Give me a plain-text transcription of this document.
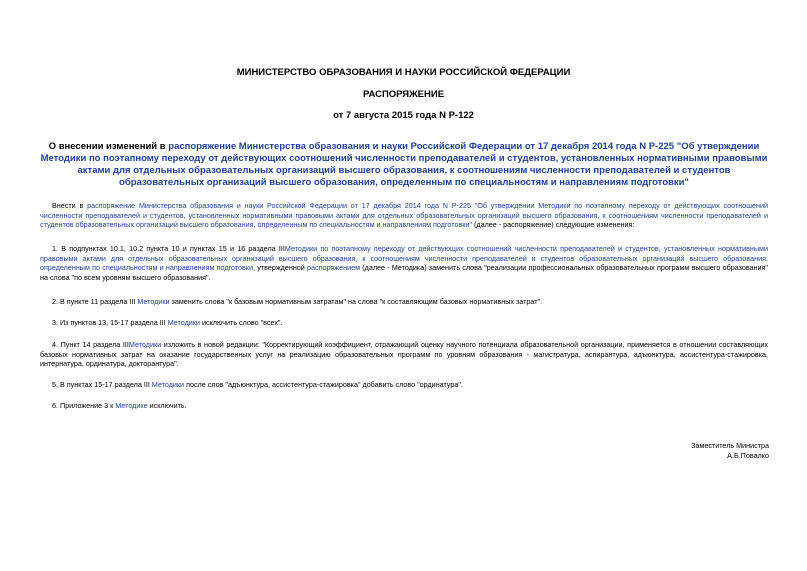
МИНИСТЕРСТВО ОБРАЗОВАНИЯ И НАУКИ РОССИЙСКОЙ ФЕДЕРАЦИИ
РАСПОРЯЖЕНИЕ
от 7 августа 2015 года N Р-122
О внесении изменений в распоряжение Министерства образования и науки Российской Федерации от 17 декабря 2014 года N Р-225 "Об утверждении Методики по поэтапному переходу от действующих соотношений численности преподавателей и студентов, установленных нормативными правовыми актами для отдельных образовательных организаций высшего образования, к соотношениям численности преподавателей и студентов образовательных организаций высшего образования, определенным по специальностям и направлениям подготовки"
Внести в распоряжение Министерства образования и науки Российской Федерации от 17 декабря 2014 года N Р-225 "Об утверждении Методики по поэтапному переходу от действующих соотношений численности преподавателей и студентов, установленных нормативными правовыми актами для отдельных образовательных организаций высшего образования, к соотношениям численности преподавателей и студентов образовательных организаций высшего образования, определенным по специальностям и направлениям подготовки" (далее - распоряжение) следующие изменения:
1. В подпунктах 10.1, 10.2 пункта 10 и пунктах 15 и 16 раздела IIIМетодики по поэтапному переходу от действующих соотношений численности преподавателей и студентов, установленных нормативными правовыми актами для отдельных образовательных организаций высшего образования, к соотношениям численности преподавателей и студентов образовательных организаций высшего образования, определенным по специальностям и направлениям подготовки, утвержденной распоряжением (далее - Методика) заменить слова "реализации профессиональных образовательных программ высшего образования" на слова "по всем уровням высшего образования".
2. В пункте 11 раздела III Методики заменить слова "к базовым нормативным затратам" на слова "к составляющим базовых нормативных затрат".
3. Из пунктов 13, 15-17 раздела III Методики исключить слово "всех".
4. Пункт 14 раздела IIIМетодики изложить в новой редакции: "Корректирующий коэффициент, отражающий оценку научного потенциала образовательной организации, применяется в отношении составляющих базовых нормативных затрат на оказание государственных услуг на реализацию образовательных программ по уровням образования - магистратура, аспирантура, адъюнктура, ассистентура-стажировка, интернатура, ординатура, докторантура".
5. В пунктах 15-17 раздела III Методики после слов "адъюнктура, ассистентура-стажировка" добавить слово "ординатура".
6. Приложение 3 к Методике исключить.
Заместитель Министра
А.Б.Повалко
